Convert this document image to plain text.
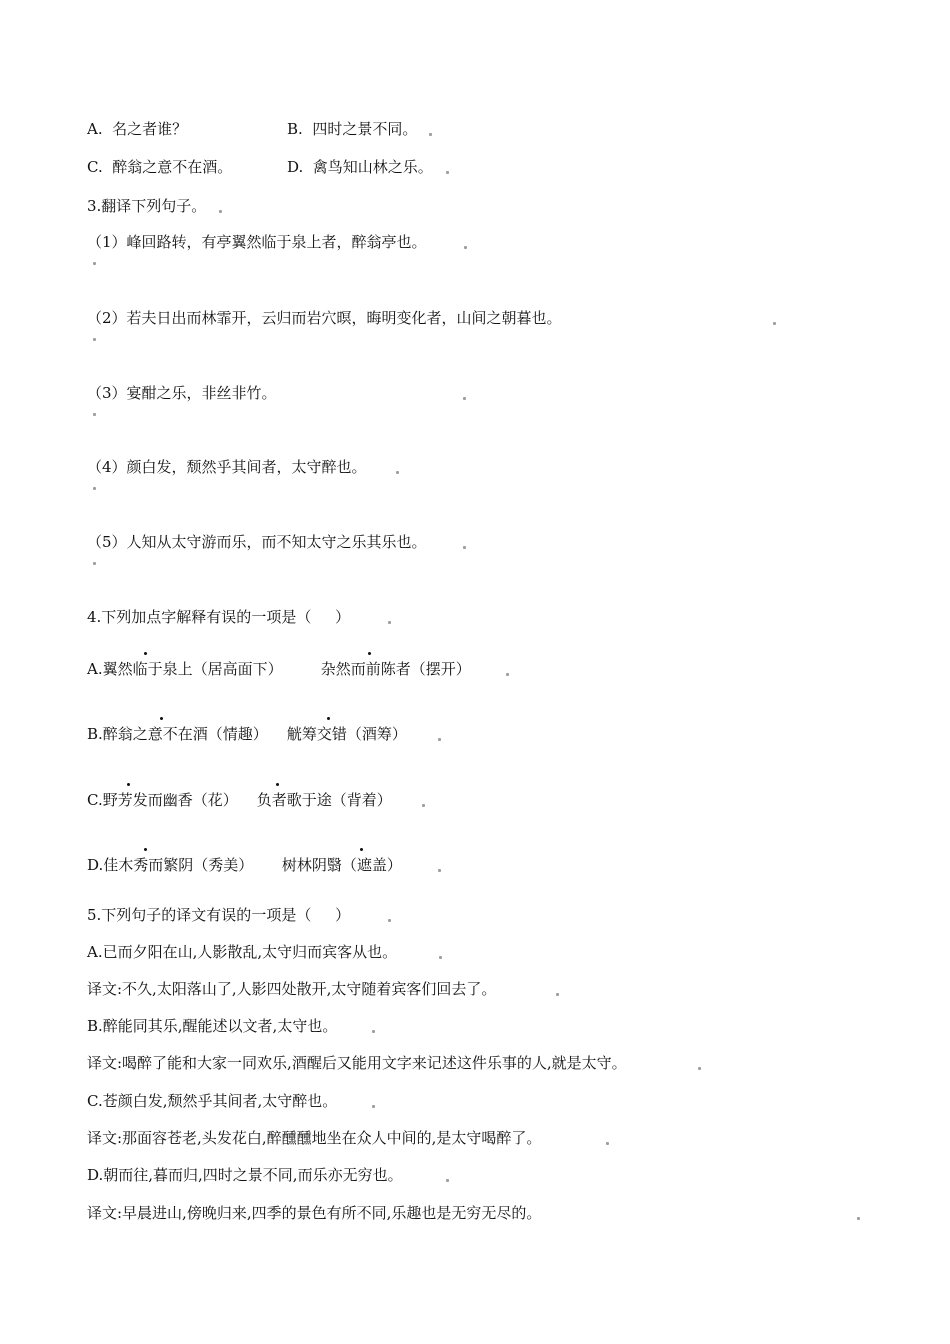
A.  名之者谁？	B.  四时之景不同。
C.  醉翁之意不在酒。	D.  禽鸟知山林之乐。
3.翻译下列句子。
（1）峰回路转，有亭翼然临于泉上者，醉翁亭也。
（2）若夫日出而林霏开，云归而岩穴暝，晦明变化者，山间之朝暮也。
（3）宴酣之乐，非丝非竹。
（4）颜白发，颓然乎其间者，太守醉也。
（5）人知从太守游而乐，而不知太守之乐其乐也。
4.下列加点字解释有误的一项是（     ）
A.翼然临于泉上（居高面下）        杂然而前陈者（摆开）
B.醉翁之意不在酒（情趣）    觥筹交错（酒筹）
C.野芳发而幽香（花）    负者歌于途（背着）
D.佳木秀而繁阴（秀美）      树林阴翳（遮盖）
5.下列句子的译文有误的一项是（     ）
A.已而夕阳在山,人影散乱,太守归而宾客从也。
译文:不久,太阳落山了,人影四处散开,太守随着宾客们回去了。
B.醉能同其乐,醒能述以文者,太守也。
译文:喝醉了能和大家一同欢乐,酒醒后又能用文字来记述这件乐事的人,就是太守。
C.苍颜白发,颓然乎其间者,太守醉也。
译文:那面容苍老,头发花白,醉醺醺地坐在众人中间的,是太守喝醉了。
D.朝而往,暮而归,四时之景不同,而乐亦无穷也。
译文:早晨进山,傍晚归来,四季的景色有所不同,乐趣也是无穷无尽的。
